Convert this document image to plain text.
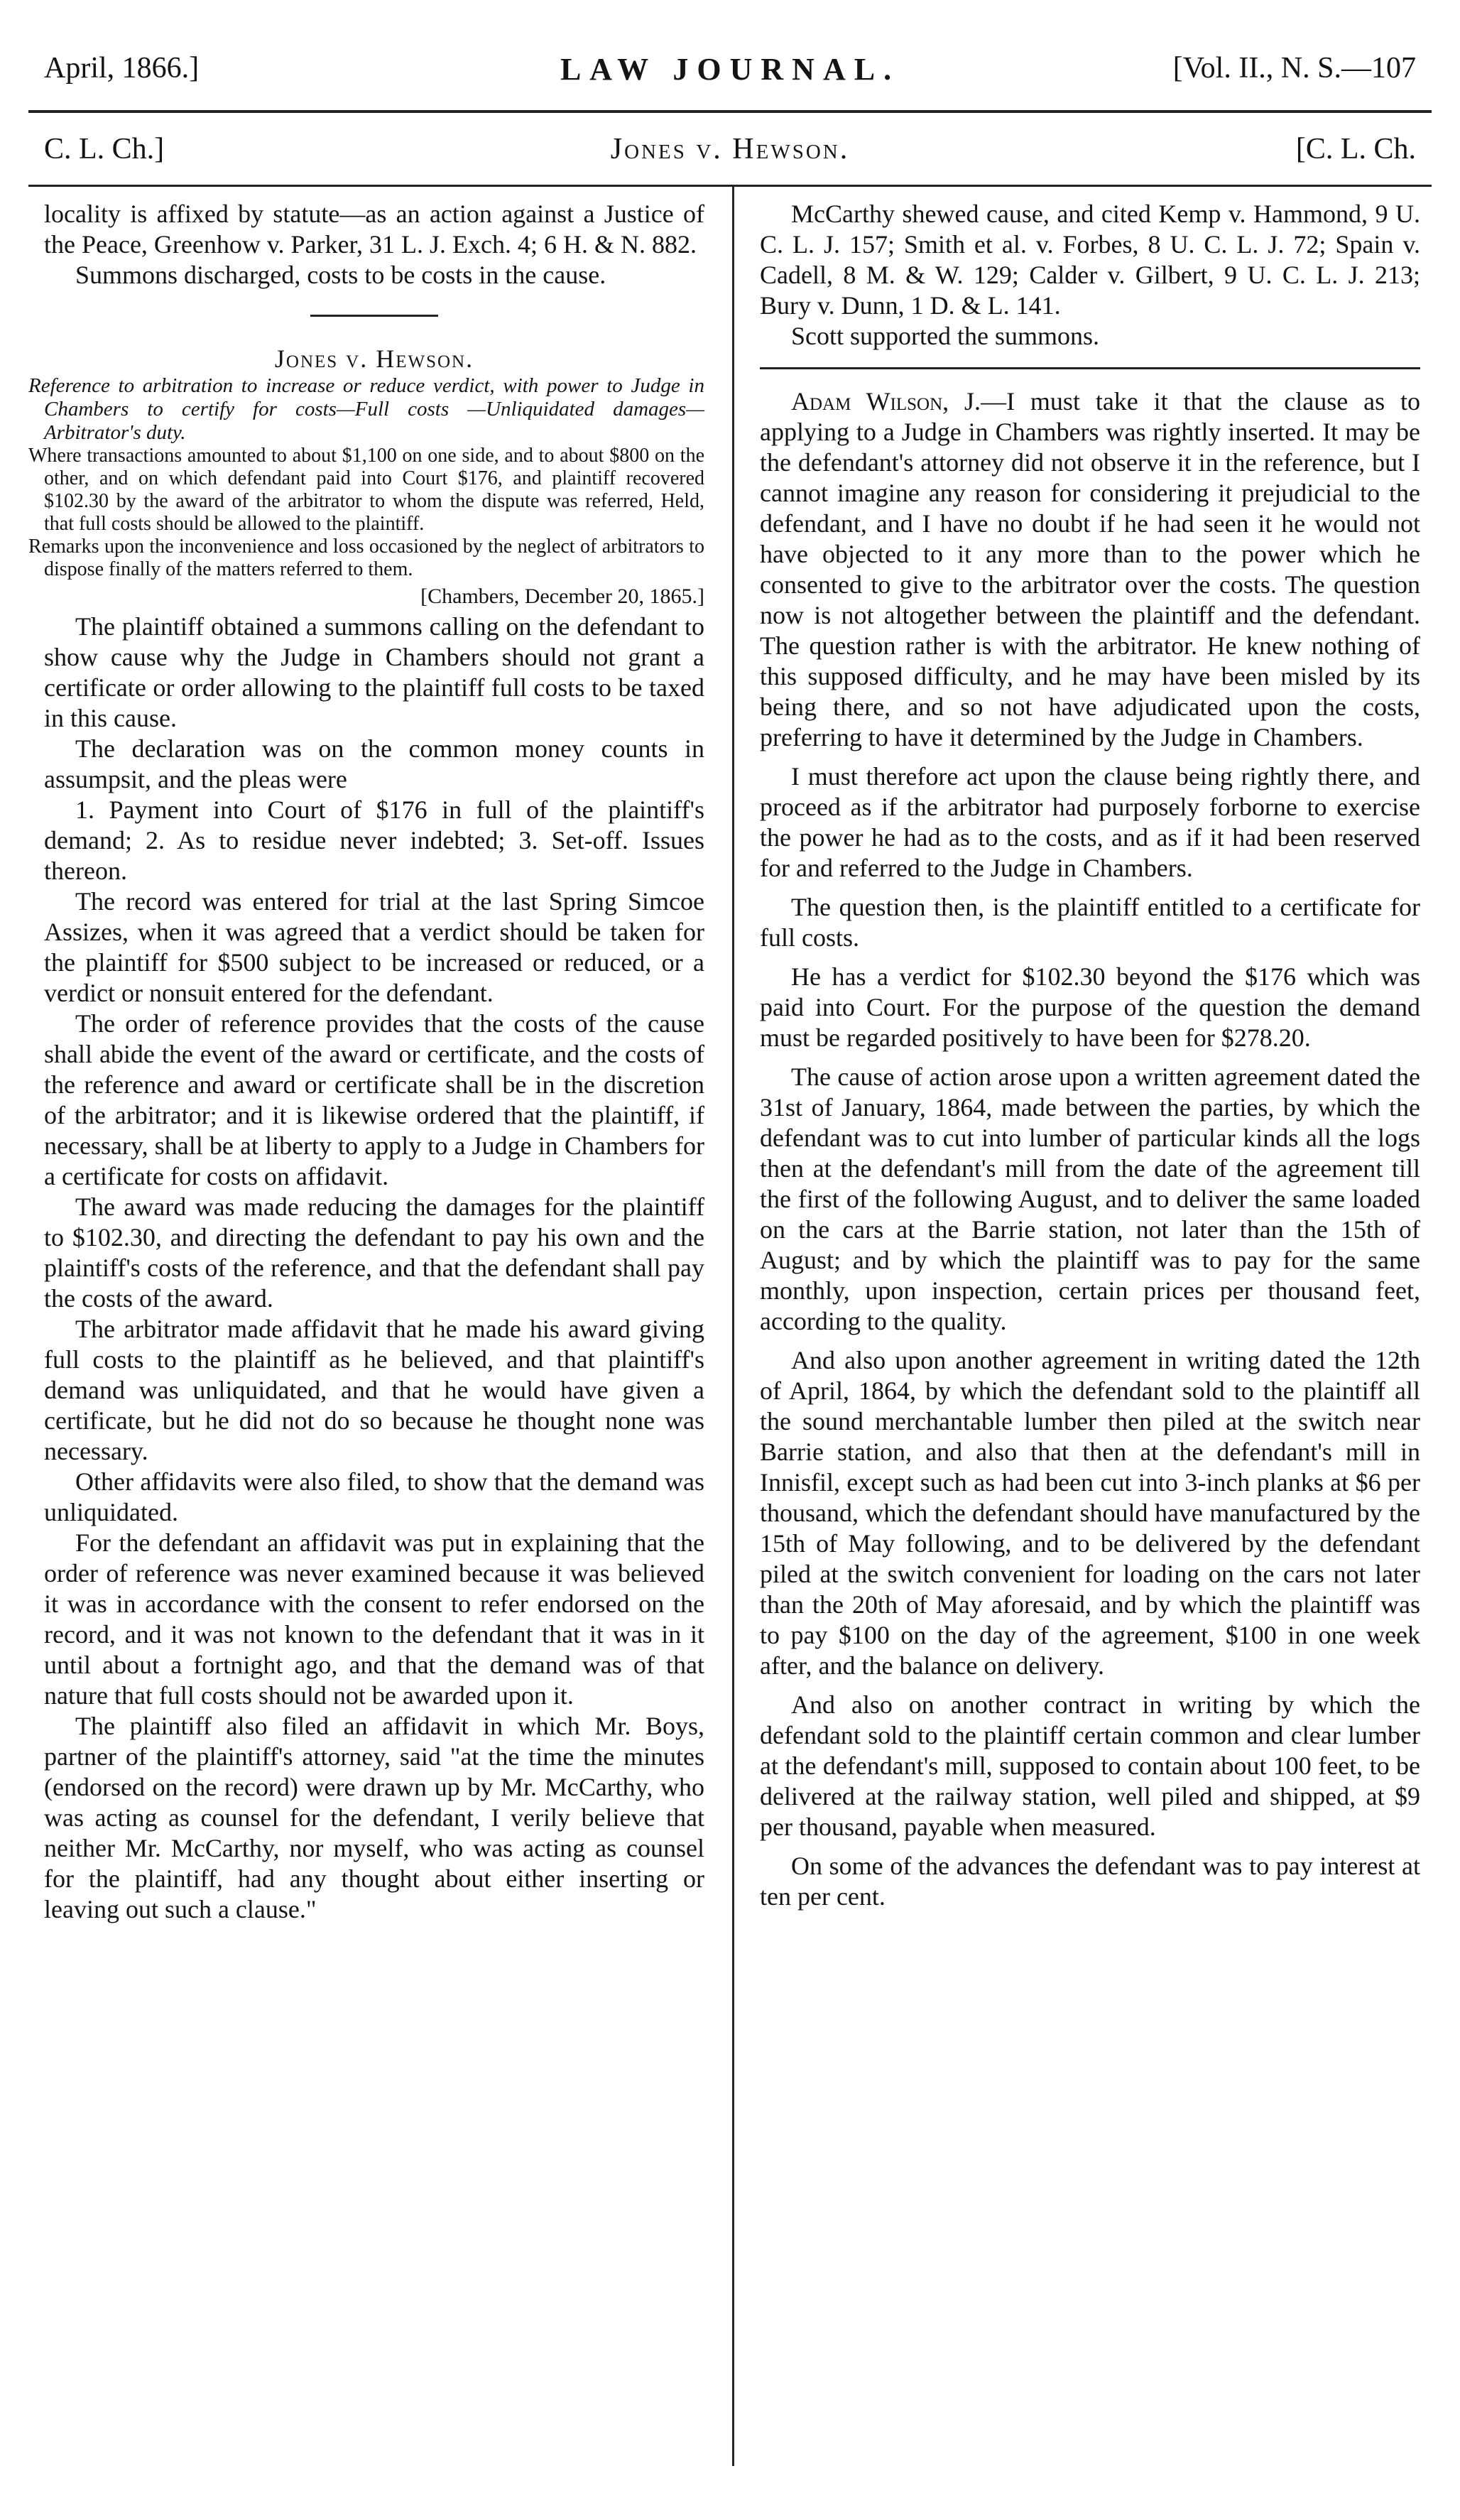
April, 1866.]	LAW JOURNAL.	[Vol. II., N. S.—107
C. L. Ch.]	Jones v. Hewson.	[C. L. Ch.

locality is affixed by statute—as an action against a Justice of the Peace, Greenhow v. Parker, 31 L. J. Exch. 4; 6 H. & N. 882.

Summons discharged, costs to be costs in the cause.

Jones v. Hewson.

Reference to arbitration to increase or reduce verdict, with power to Judge in Chambers to certify for costs—Full costs —Unliquidated damages—Arbitrator's duty.

Where transactions amounted to about $1,100 on one side, and to about $800 on the other, and on which defendant paid into Court $176, and plaintiff recovered $102.30 by the award of the arbitrator to whom the dispute was referred, Held, that full costs should be allowed to the plaintiff.

Remarks upon the inconvenience and loss occasioned by the neglect of arbitrators to dispose finally of the matters referred to them.

[Chambers, December 20, 1865.]

The plaintiff obtained a summons calling on the defendant to show cause why the Judge in Chambers should not grant a certificate or order allowing to the plaintiff full costs to be taxed in this cause.

The declaration was on the common money counts in assumpsit, and the pleas were

1. Payment into Court of $176 in full of the plaintiff's demand; 2. As to residue never indebted; 3. Set-off. Issues thereon.

The record was entered for trial at the last Spring Simcoe Assizes, when it was agreed that a verdict should be taken for the plaintiff for $500 subject to be increased or reduced, or a verdict or nonsuit entered for the defendant.

The order of reference provides that the costs of the cause shall abide the event of the award or certificate, and the costs of the reference and award or certificate shall be in the discretion of the arbitrator; and it is likewise ordered that the plaintiff, if necessary, shall be at liberty to apply to a Judge in Chambers for a certificate for costs on affidavit.

The award was made reducing the damages for the plaintiff to $102.30, and directing the defendant to pay his own and the plaintiff's costs of the reference, and that the defendant shall pay the costs of the award.

The arbitrator made affidavit that he made his award giving full costs to the plaintiff as he believed, and that plaintiff's demand was unliquidated, and that he would have given a certificate, but he did not do so because he thought none was necessary.

Other affidavits were also filed, to show that the demand was unliquidated.

For the defendant an affidavit was put in explaining that the order of reference was never examined because it was believed it was in accordance with the consent to refer endorsed on the record, and it was not known to the defendant that it was in it until about a fortnight ago, and that the demand was of that nature that full costs should not be awarded upon it.

The plaintiff also filed an affidavit in which Mr. Boys, partner of the plaintiff's attorney, said "at the time the minutes (endorsed on the record) were drawn up by Mr. McCarthy, who was acting as counsel for the defendant, I verily believe that neither Mr. McCarthy, nor myself, who was acting as counsel for the plaintiff, had any thought about either inserting or leaving out such a clause."

McCarthy shewed cause, and cited Kemp v. Hammond, 9 U. C. L. J. 157; Smith et al. v. Forbes, 8 U. C. L. J. 72; Spain v. Cadell, 8 M. & W. 129; Calder v. Gilbert, 9 U. C. L. J. 213; Bury v. Dunn, 1 D. & L. 141.

Scott supported the summons.

Adam Wilson, J.—I must take it that the clause as to applying to a Judge in Chambers was rightly inserted. It may be the defendant's attorney did not observe it in the reference, but I cannot imagine any reason for considering it prejudicial to the defendant, and I have no doubt if he had seen it he would not have objected to it any more than to the power which he consented to give to the arbitrator over the costs. The question now is not altogether between the plaintiff and the defendant. The question rather is with the arbitrator. He knew nothing of this supposed difficulty, and he may have been misled by its being there, and so not have adjudicated upon the costs, preferring to have it determined by the Judge in Chambers.

I must therefore act upon the clause being rightly there, and proceed as if the arbitrator had purposely forborne to exercise the power he had as to the costs, and as if it had been reserved for and referred to the Judge in Chambers.

The question then, is the plaintiff entitled to a certificate for full costs.

He has a verdict for $102.30 beyond the $176 which was paid into Court. For the purpose of the question the demand must be regarded positively to have been for $278.20.

The cause of action arose upon a written agreement dated the 31st of January, 1864, made between the parties, by which the defendant was to cut into lumber of particular kinds all the logs then at the defendant's mill from the date of the agreement till the first of the following August, and to deliver the same loaded on the cars at the Barrie station, not later than the 15th of August; and by which the plaintiff was to pay for the same monthly, upon inspection, certain prices per thousand feet, according to the quality.

And also upon another agreement in writing dated the 12th of April, 1864, by which the defendant sold to the plaintiff all the sound merchantable lumber then piled at the switch near Barrie station, and also that then at the defendant's mill in Innisfil, except such as had been cut into 3-inch planks at $6 per thousand, which the defendant should have manufactured by the 15th of May following, and to be delivered by the defendant piled at the switch convenient for loading on the cars not later than the 20th of May aforesaid, and by which the plaintiff was to pay $100 on the day of the agreement, $100 in one week after, and the balance on delivery.

And also on another contract in writing by which the defendant sold to the plaintiff certain common and clear lumber at the defendant's mill, supposed to contain about 100 feet, to be delivered at the railway station, well piled and shipped, at $9 per thousand, payable when measured.

On some of the advances the defendant was to pay interest at ten per cent.
